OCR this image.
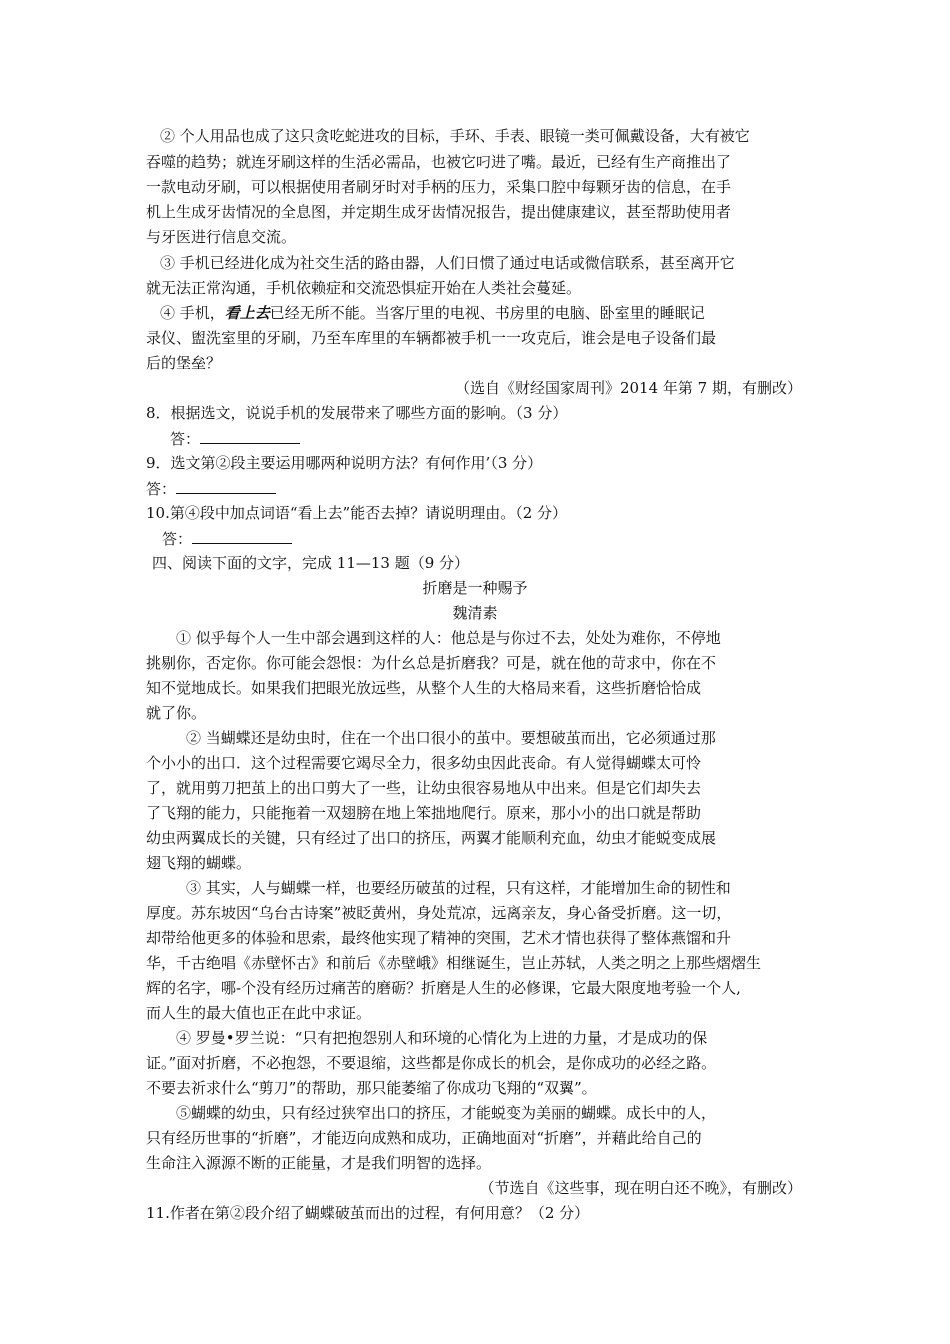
② 个人用品也成了这只贪吃蛇进攻的目标，手环、手表、眼镜一类可佩戴设备，大有被它
吞噬的趋势；就连牙刷这样的生活必需品，也被它叼进了嘴。最近，已经有生产商推出了
一款电动牙刷，可以根据使用者刷牙时对手柄的压力，采集口腔中每颗牙齿的信息，在手
机上生成牙齿情况的全息图，并定期生成牙齿情况报告，提出健康建议，甚至帮助使用者
与牙医进行信息交流。
③ 手机已经进化成为社交生活的路由器，人们日惯了通过电话或微信联系，甚至离开它
就无法正常沟通，手机依赖症和交流恐惧症开始在人类社会蔓延。
④ 手机，看上去已经无所不能。当客厅里的电视、书房里的电脑、卧室里的睡眠记
录仪、盥洗室里的牙刷，乃至车库里的车辆都被手机一一攻克后，谁会是电子设备们最
后的堡垒？
（选自《财经国家周刊》2014 年第 7 期，有删改）
8．根据选文，说说手机的发展带来了哪些方面的影响。（3 分）
答：
9．选文第②段主要运用哪两种说明方法？有何作用’（3 分）
答：
10.第④段中加点词语“看上去”能否去掉？请说明理由。（2 分）
答：
四、阅读下面的文字，完成 11—13 题（9 分）
折磨是一种赐予
魏清素
① 似乎每个人一生中部会遇到这样的人：他总是与你过不去，处处为难你，不停地
挑剔你，否定你。你可能会怨恨：为什幺总是折磨我？可是，就在他的苛求中，你在不
知不觉地成长。如果我们把眼光放远些，从整个人生的大格局来看，这些折磨恰恰成
就了你。
② 当蝴蝶还是幼虫时，住在一个出口很小的茧中。要想破茧而出，它必须通过那
个小小的出口．这个过程需要它竭尽全力，很多幼虫因此丧命。有人觉得蝴蝶太可怜
了，就用剪刀把茧上的出口剪大了一些，让幼虫很容易地从中出来。但是它们却失去
了飞翔的能力，只能拖着一双翅膀在地上笨拙地爬行。原来，那小小的出口就是帮助
幼虫两翼成长的关键，只有经过了出口的挤压，两翼才能顺利充血，幼虫才能蜕变成展
翅飞翔的蝴蝶。
③ 其实，人与蝴蝶一样，也要经历破茧的过程，只有这样，才能增加生命的韧性和
厚度。苏东坡因“乌台古诗案”被眨黄州，身处荒凉，远离亲友，身心备受折磨。这一切，
却带给他更多的体验和思索，最终他实现了精神的突围，艺术才情也获得了整体燕馏和升
华，千古绝唱《赤壁怀古》和前后《赤壁峨》相继诞生，岂止苏轼，人类之明之上那些熠熠生
辉的名字，哪-个没有经历过痛苦的磨砺？折磨是人生的必修课，它最大限度地考验一个人,
而人生的最大值也正在此中求证。
④ 罗曼•罗兰说：“只有把抱怨别人和环境的心情化为上进的力量，才是成功的保
证。”面对折磨，不必抱怨，不要退缩，这些都是你成长的机会，是你成功的必经之路。
不要去祈求什么“剪刀”的帮助，那只能萎缩了你成功飞翔的“双翼”。
⑤蝴蝶的幼虫，只有经过狭窄出口的挤压，才能蜕变为美丽的蝴蝶。成长中的人，
只有经历世事的“折磨”，才能迈向成熟和成功，正确地面对“折磨”，并藉此给自己的
生命注入源源不断的正能量，才是我们明智的选择。
（节选自《这些事，现在明白还不晚》，有删改）
11.作者在第②段介绍了蝴蝶破茧而出的过程，有何用意？（2 分）
